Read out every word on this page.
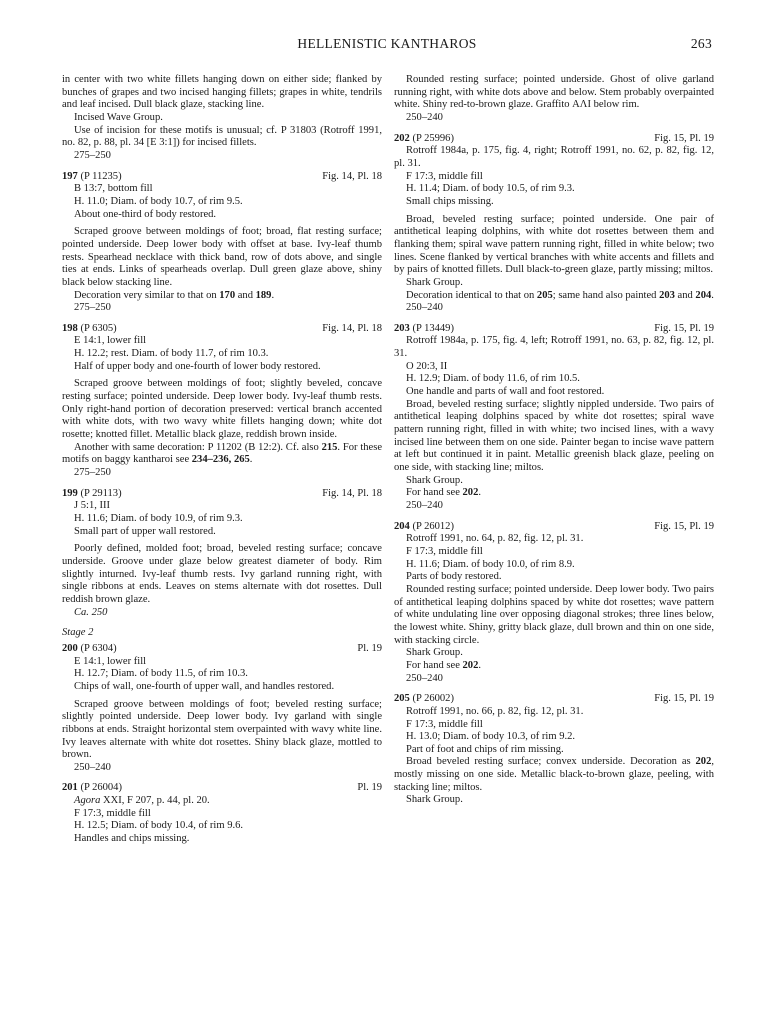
HELLENISTIC KANTHAROS	263

in center with two white fillets hanging down on either side; flanked by bunches of grapes and two incised hanging fillets; grapes in white, tendrils and leaf incised. Dull black glaze, stacking line.

Incised Wave Group.

Use of incision for these motifs is unusual; cf. P 31803 (Rotroff 1991, no. 82, p. 88, pl. 34 [E 3:1]) for incised fillets.

275–250

197 (P 11235)	Fig. 14, Pl. 18

B 13:7, bottom fill

H. 11.0; Diam. of body 10.7, of rim 9.5.

About one-third of body restored.

Scraped groove between moldings of foot; broad, flat resting surface; pointed underside. Deep lower body with offset at base. Ivy-leaf thumb rests. Spearhead necklace with thick band, row of dots above, and single ties at ends. Links of spearheads overlap. Dull green glaze above, shiny black below stacking line.

Decoration very similar to that on 170 and 189.

275–250

198 (P 6305)	Fig. 14, Pl. 18

E 14:1, lower fill

H. 12.2; rest. Diam. of body 11.7, of rim 10.3.

Half of upper body and one-fourth of lower body restored.

Scraped groove between moldings of foot; slightly beveled, concave resting surface; pointed underside. Deep lower body. Ivy-leaf thumb rests. Only right-hand portion of decoration preserved: vertical branch accented with white dots, with two wavy white fillets hanging down; white dot rosette; knotted fillet. Metallic black glaze, reddish brown inside.

Another with same decoration: P 11202 (B 12:2). Cf. also 215. For these motifs on baggy kantharoi see 234–236, 265.

275–250

199 (P 29113)	Fig. 14, Pl. 18

J 5:1, III

H. 11.6; Diam. of body 10.9, of rim 9.3.

Small part of upper wall restored.

Poorly defined, molded foot; broad, beveled resting surface; concave underside. Groove under glaze below greatest diameter of body. Rim slightly inturned. Ivy-leaf thumb rests. Ivy garland running right, with single ribbons at ends. Leaves on stems alternate with dot rosettes. Dull reddish brown glaze.

Ca. 250

Stage 2
200 (P 6304)	Pl. 19

E 14:1, lower fill

H. 12.7; Diam. of body 11.5, of rim 10.3.

Chips of wall, one-fourth of upper wall, and handles restored.

Scraped groove between moldings of foot; beveled resting surface; slightly pointed underside. Deep lower body. Ivy garland with single ribbons at ends. Straight horizontal stem overpainted with wavy white line. Ivy leaves alternate with white dot rosettes. Shiny black glaze, mottled to brown.

250–240

201 (P 26004)	Pl. 19

Agora XXI, F 207, p. 44, pl. 20.

F 17:3, middle fill

H. 12.5; Diam. of body 10.4, of rim 9.6.

Handles and chips missing.

Rounded resting surface; pointed underside. Ghost of olive garland running right, with white dots above and below. Stem probably overpainted white. Shiny red-to-brown glaze. Graffito ΑΛΙ below rim.

250–240

202 (P 25996)	Fig. 15, Pl. 19

Rotroff 1984a, p. 175, fig. 4, right; Rotroff 1991, no. 62, p. 82, fig. 12, pl. 31.

F 17:3, middle fill

H. 11.4; Diam. of body 10.5, of rim 9.3.

Small chips missing.

Broad, beveled resting surface; pointed underside. One pair of antithetical leaping dolphins, with white dot rosettes between them and flanking them; spiral wave pattern running right, filled in white below; two lines. Scene flanked by vertical branches with white accents and fillets and by pairs of knotted fillets. Dull black-to-green glaze, partly missing; miltos.

Shark Group.

Decoration identical to that on 205; same hand also painted 203 and 204.

250–240

203 (P 13449)	Fig. 15, Pl. 19

Rotroff 1984a, p. 175, fig. 4, left; Rotroff 1991, no. 63, p. 82, fig. 12, pl. 31.

O 20:3, II

H. 12.9; Diam. of body 11.6, of rim 10.5.

One handle and parts of wall and foot restored.

Broad, beveled resting surface; slightly nippled underside. Two pairs of antithetical leaping dolphins spaced by white dot rosettes; spiral wave pattern running right, filled in with white; two incised lines, with a wavy incised line between them on one side. Painter began to incise wave pattern at left but continued it in paint. Metallic greenish black glaze, peeling on one side, with stacking line; miltos.

Shark Group.

For hand see 202.

250–240

204 (P 26012)	Fig. 15, Pl. 19

Rotroff 1991, no. 64, p. 82, fig. 12, pl. 31.

F 17:3, middle fill

H. 11.6; Diam. of body 10.0, of rim 8.9.

Parts of body restored.

Rounded resting surface; pointed underside. Deep lower body. Two pairs of antithetical leaping dolphins spaced by white dot rosettes; wave pattern of white undulating line over opposing diagonal strokes; three lines below, the lowest white. Shiny, gritty black glaze, dull brown and thin on one side, with stacking circle.

Shark Group.

For hand see 202.

250–240

205 (P 26002)	Fig. 15, Pl. 19

Rotroff 1991, no. 66, p. 82, fig. 12, pl. 31.

F 17:3, middle fill

H. 13.0; Diam. of body 10.3, of rim 9.2.

Part of foot and chips of rim missing.

Broad beveled resting surface; convex underside. Decoration as 202, mostly missing on one side. Metallic black-to-brown glaze, peeling, with stacking line; miltos.

Shark Group.
